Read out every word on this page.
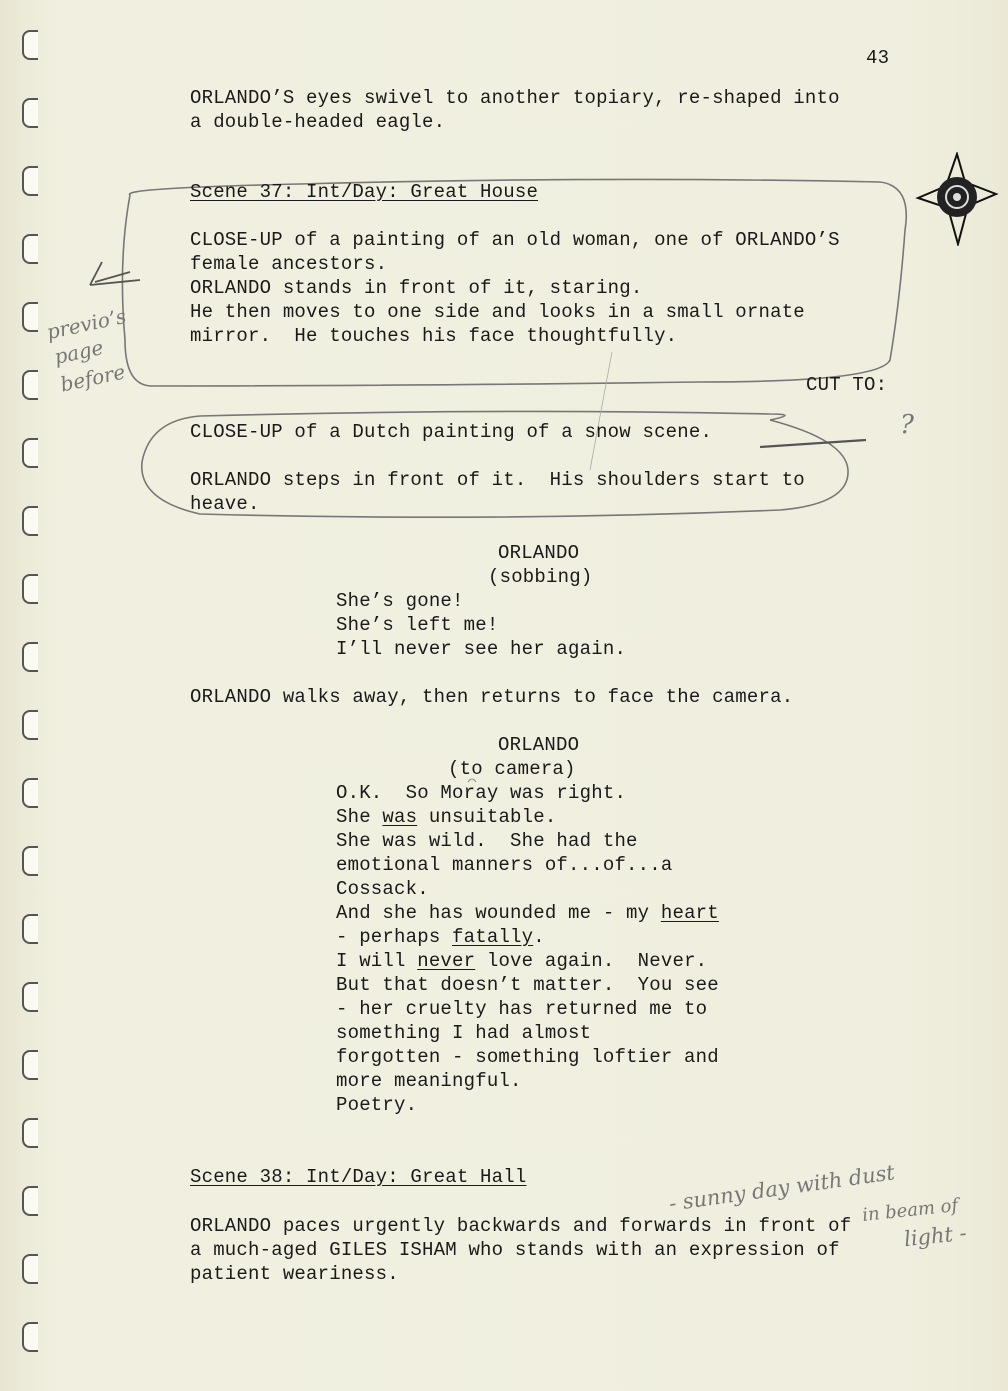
43
ORLANDO’S eyes swivel to another topiary, re-shaped into
a double-headed eagle.
Scene 37: Int/Day: Great House
CLOSE-UP of a painting of an old woman, one of ORLANDO’S
female ancestors.
ORLANDO stands in front of it, staring.
He then moves to one side and looks in a small ornate
mirror.  He touches his face thoughtfully.
CUT TO:
CLOSE-UP of a Dutch painting of a snow scene.
ORLANDO steps in front of it.  His shoulders start to
heave.
ORLANDO
(sobbing)
She’s gone!
She’s left me!
I’ll never see her again.
ORLANDO walks away, then returns to face the camera.
ORLANDO
(to camera)
O.K.  So Moray was right.
She was unsuitable.
She was wild.  She had the
emotional manners of...of...a
Cossack.
And she has wounded me - my heart
- perhaps fatally.
I will never love again.  Never.
But that doesn’t matter.  You see
- her cruelty has returned me to
something I had almost
forgotten - something loftier and
more meaningful.
Poetry.
Scene 38: Int/Day: Great Hall
ORLANDO paces urgently backwards and forwards in front of
a much-aged GILES ISHAM who stands with an expression of
patient weariness.
previo’s
page
before
?
- sunny day with dust
in beam of
light -
